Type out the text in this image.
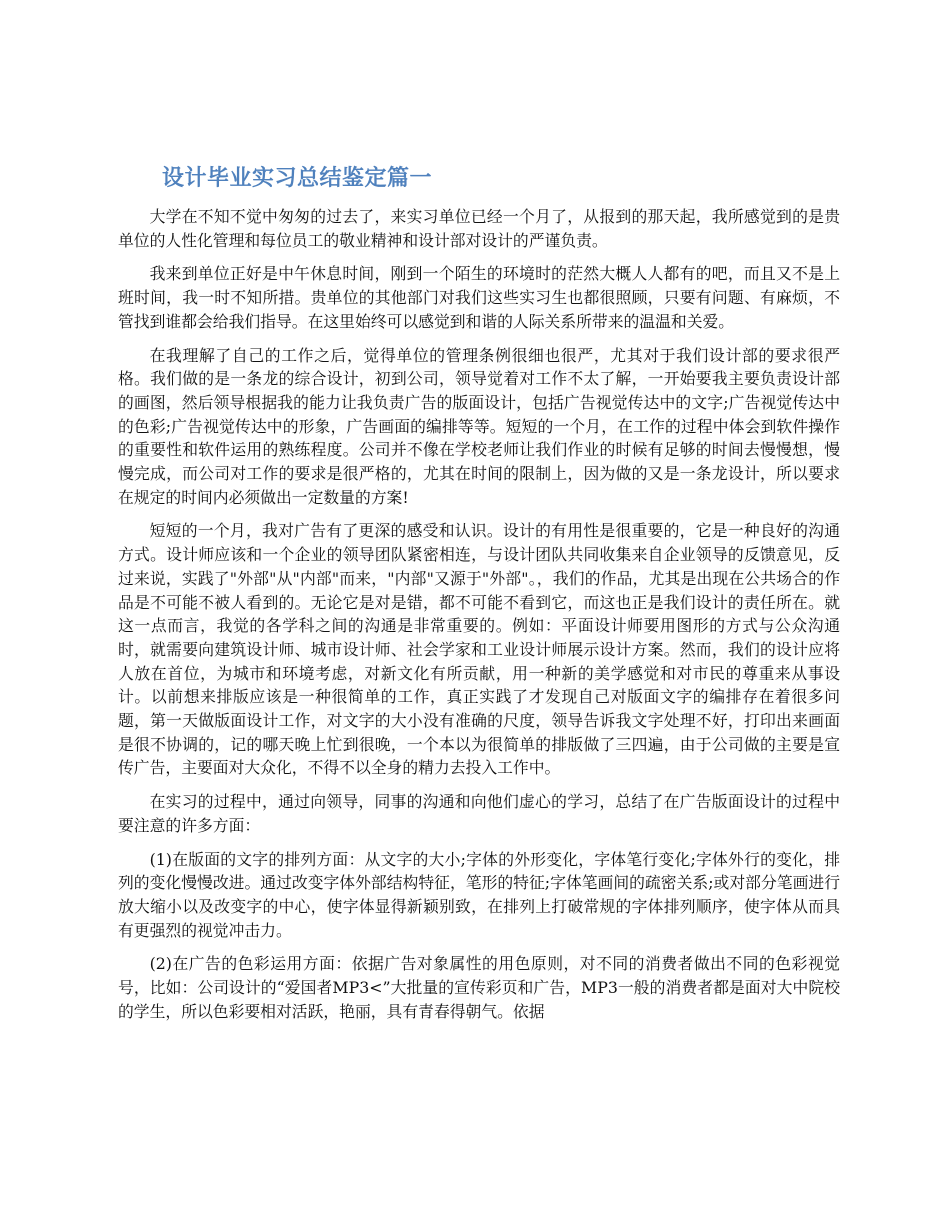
设计毕业实习总结鉴定篇一

大学在不知不觉中匆匆的过去了，来实习单位已经一个月了，从报到的那天起，我所感觉到的是贵单位的人性化管理和每位员工的敬业精神和设计部对设计的严谨负责。

我来到单位正好是中午休息时间，刚到一个陌生的环境时的茫然大概人人都有的吧，而且又不是上班时间，我一时不知所措。贵单位的其他部门对我们这些实习生也都很照顾，只要有问题、有麻烦，不管找到谁都会给我们指导。在这里始终可以感觉到和谐的人际关系所带来的温温和关爱。

在我理解了自己的工作之后，觉得单位的管理条例很细也很严，尤其对于我们设计部的要求很严格。我们做的是一条龙的综合设计，初到公司，领导觉着对工作不太了解，一开始要我主要负责设计部的画图，然后领导根据我的能力让我负责广告的版面设计，包括广告视觉传达中的文字;广告视觉传达中的色彩;广告视觉传达中的形象，广告画面的编排等等。短短的一个月，在工作的过程中体会到软件操作的重要性和软件运用的熟练程度。公司并不像在学校老师让我们作业的时候有足够的时间去慢慢想，慢慢完成，而公司对工作的要求是很严格的，尤其在时间的限制上，因为做的又是一条龙设计，所以要求在规定的时间内必须做出一定数量的方案!

短短的一个月，我对广告有了更深的感受和认识。设计的有用性是很重要的，它是一种良好的沟通方式。设计师应该和一个企业的领导团队紧密相连，与设计团队共同收集来自企业领导的反馈意见，反过来说，实践了"外部"从"内部"而来，"内部"又源于"外部"。，我们的作品，尤其是出现在公共场合的作品是不可能不被人看到的。无论它是对是错，都不可能不看到它，而这也正是我们设计的责任所在。就这一点而言，我觉的各学科之间的沟通是非常重要的。例如：平面设计师要用图形的方式与公众沟通时，就需要向建筑设计师、城市设计师、社会学家和工业设计师展示设计方案。然而，我们的设计应将人放在首位，为城市和环境考虑，对新文化有所贡献，用一种新的美学感觉和对市民的尊重来从事设计。以前想来排版应该是一种很简单的工作，真正实践了才发现自己对版面文字的编排存在着很多问题，第一天做版面设计工作，对文字的大小没有准确的尺度，领导告诉我文字处理不好，打印出来画面是很不协调的，记的哪天晚上忙到很晚，一个本以为很简单的排版做了三四遍，由于公司做的主要是宣传广告，主要面对大众化，不得不以全身的精力去投入工作中。

在实习的过程中，通过向领导，同事的沟通和向他们虚心的学习，总结了在广告版面设计的过程中要注意的许多方面：

(1)在版面的文字的排列方面：从文字的大小;字体的外形变化，字体笔行变化;字体外行的变化，排列的变化慢慢改进。通过改变字体外部结构特征，笔形的特征;字体笔画间的疏密关系;或对部分笔画进行放大缩小以及改变字的中心，使字体显得新颖别致，在排列上打破常规的字体排列顺序，使字体从而具有更强烈的视觉冲击力。

(2)在广告的色彩运用方面：依据广告对象属性的用色原则，对不同的消费者做出不同的色彩视觉号，比如：公司设计的“爱国者MP3<”大批量的宣传彩页和广告，MP3一般的消费者都是面对大中院校的学生，所以色彩要相对活跃，艳丽，具有青春得朝气。依据
